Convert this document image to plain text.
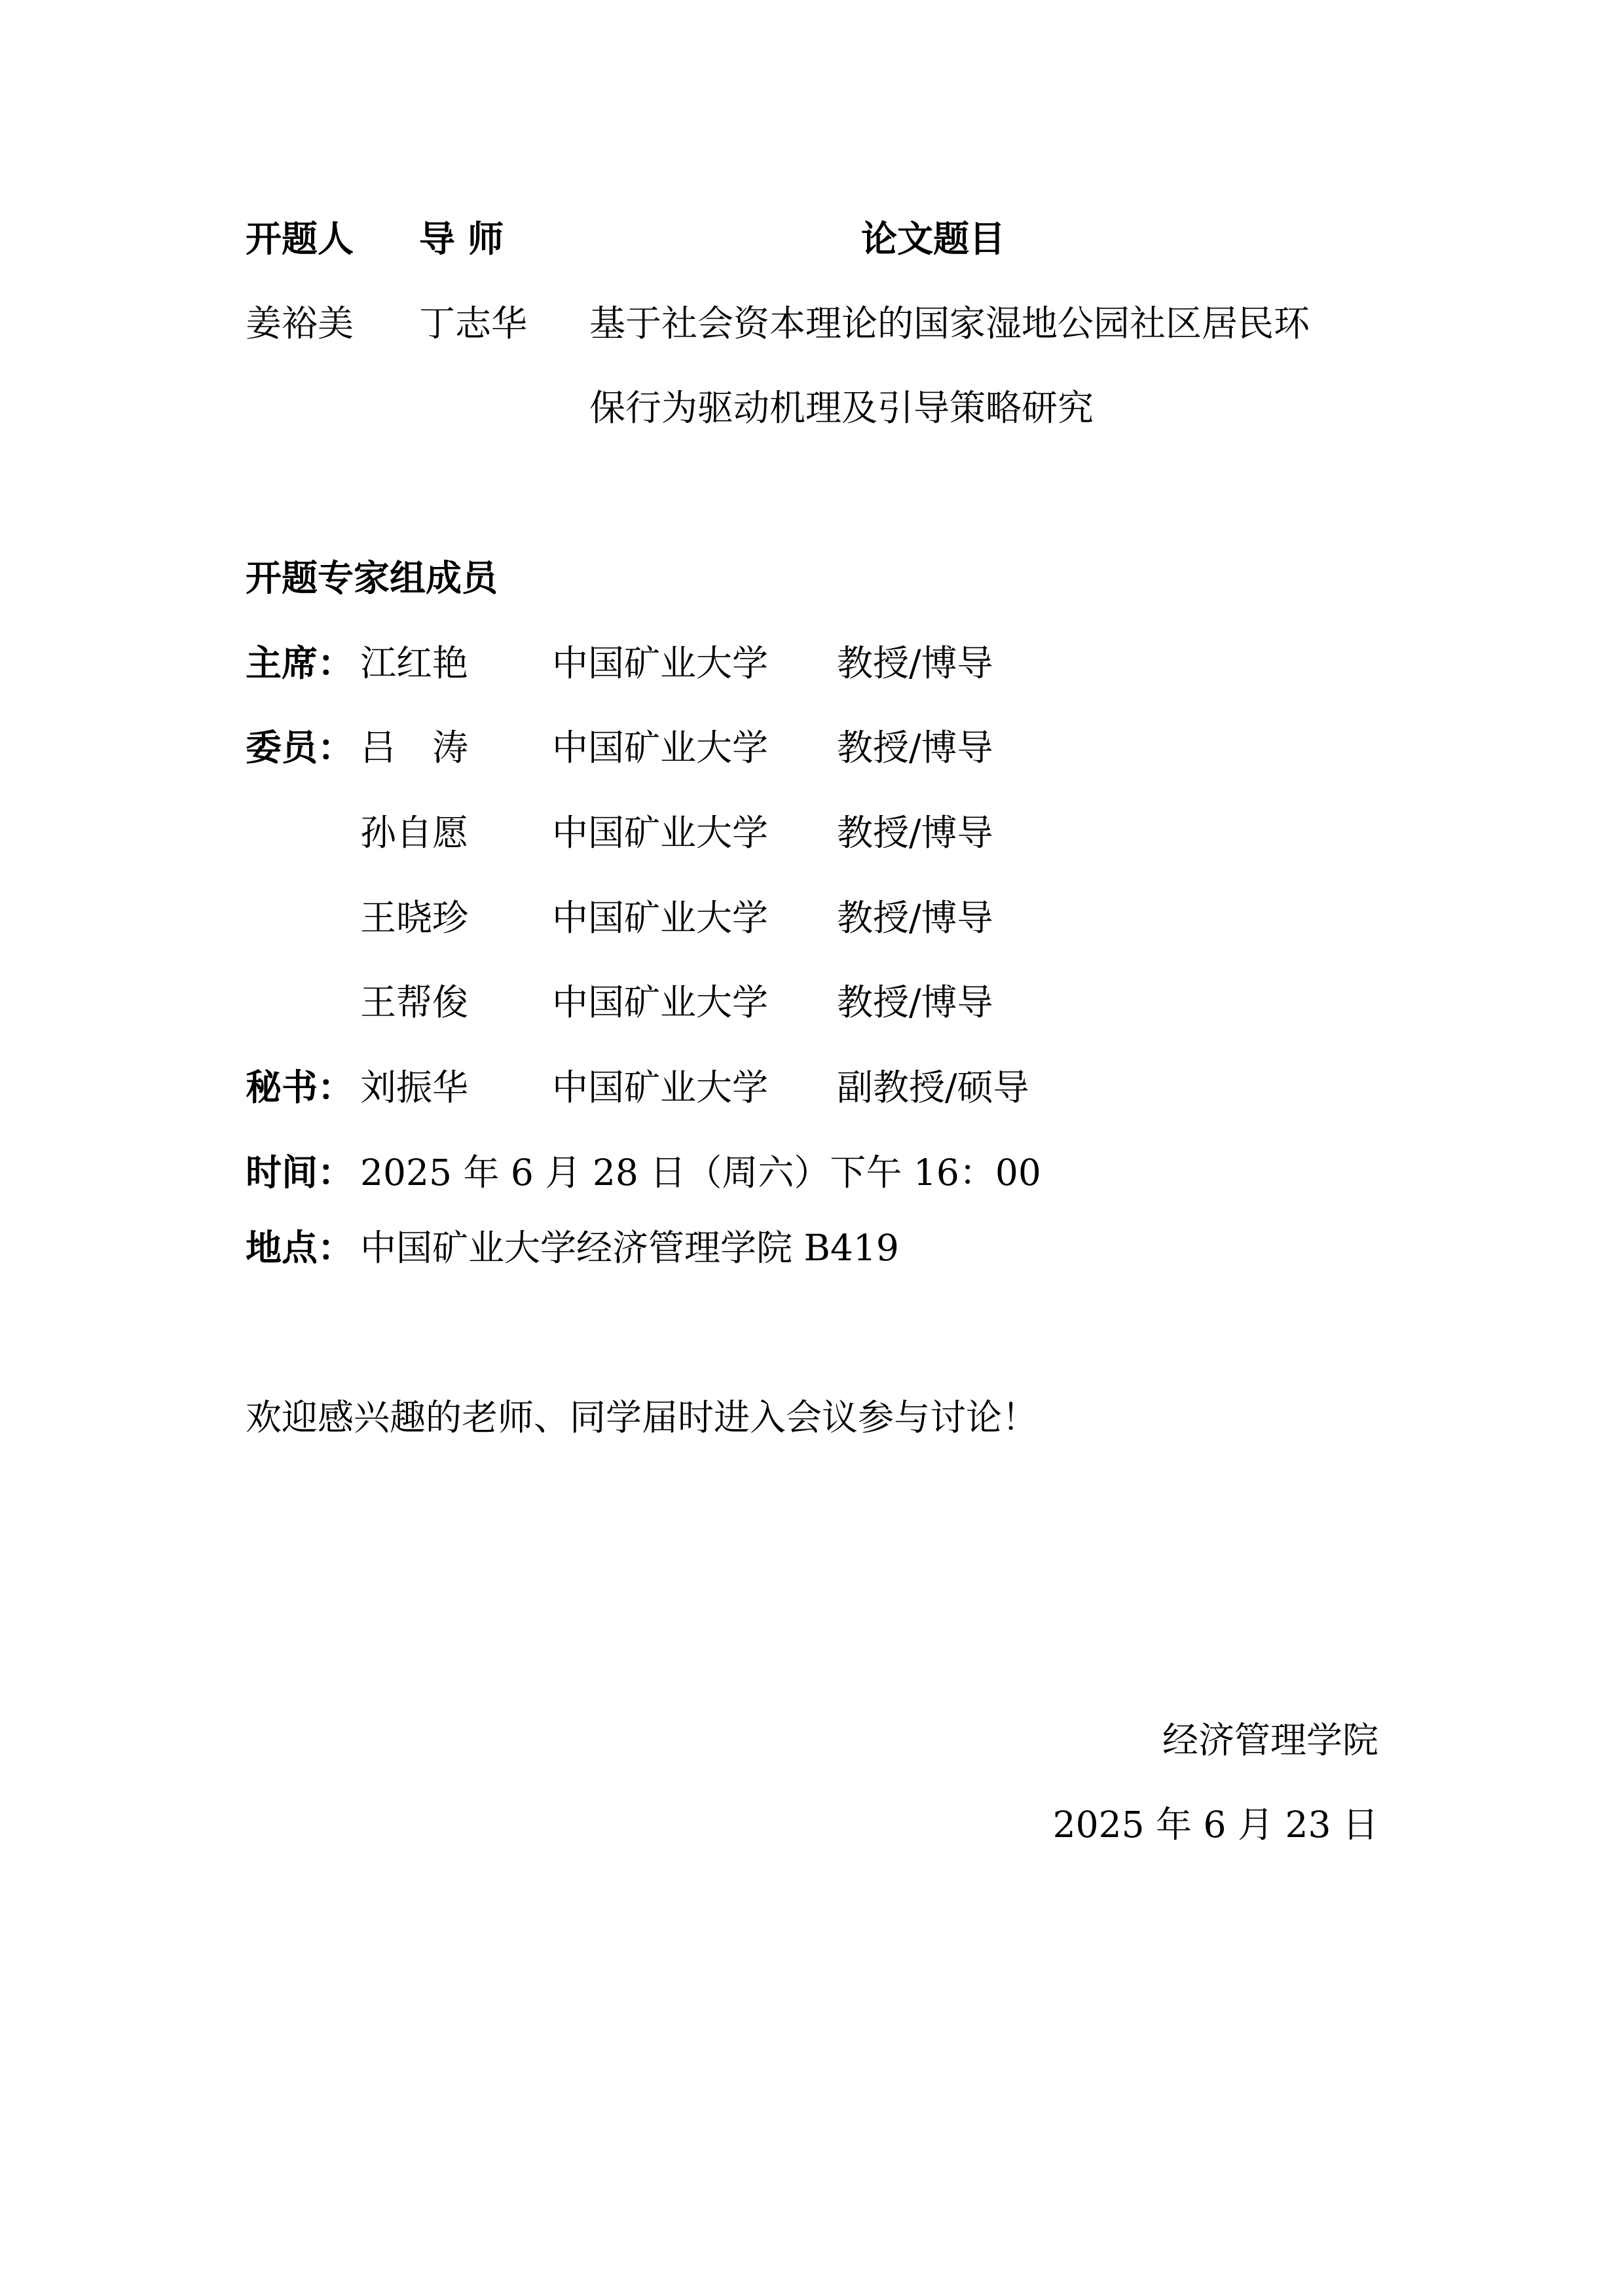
开题人 导 师	论文题目
姜裕美 丁志华 基于社会资本理论的国家湿地公园社区居民环
保行为驱动机理及引导策略研究
开题专家组成员
主席： 江红艳 中国矿业大学 教授/博导
委员： 吕　涛 中国矿业大学 教授/博导
孙自愿 中国矿业大学 教授/博导
王晓珍 中国矿业大学 教授/博导
王帮俊 中国矿业大学 教授/博导
秘书： 刘振华 中国矿业大学 副教授/硕导
时间： 2025 年 6 月 28 日（周六）下午 16：00
地点： 中国矿业大学经济管理学院 B419
欢迎感兴趣的老师、同学届时进入会议参与讨论！
经济管理学院
2025 年 6 月 23 日
